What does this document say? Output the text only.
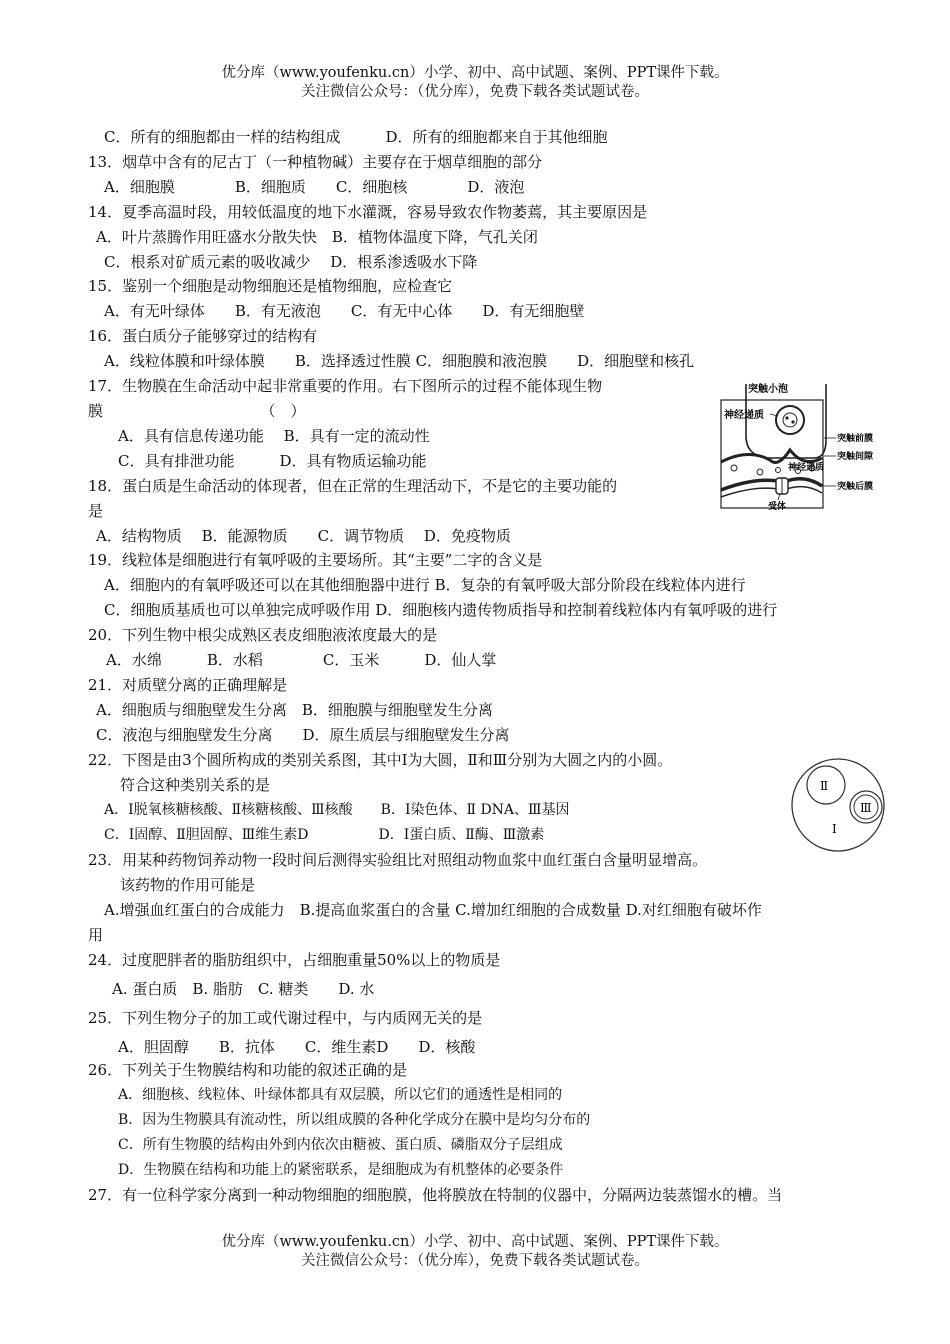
优分库（www.youfenku.cn）小学、初中、高中试题、案例、PPT课件下载。
关注微信公众号：（优分库），免费下载各类试题试卷。
C．所有的细胞都由一样的结构组成　　　D．所有的细胞都来自于其他细胞
13．烟草中含有的尼古丁（一种植物碱）主要存在于烟草细胞的部分
A．细胞膜　　　　B．细胞质　　C．细胞核　　　　D．液泡
14．夏季高温时段，用较低温度的地下水灌溉，容易导致农作物萎蔫，其主要原因是
A．叶片蒸腾作用旺盛水分散失快　B．植物体温度下降，气孔关闭
C．根系对矿质元素的吸收减少　 D．根系渗透吸水下降
15．鉴别一个细胞是动物细胞还是植物细胞，应检查它
A．有无叶绿体　　B．有无液泡　　C．有无中心体　　D．有无细胞壁
16．蛋白质分子能够穿过的结构有
A．线粒体膜和叶绿体膜　　B．选择透过性膜 C．细胞膜和液泡膜　　D．细胞壁和核孔
17．生物膜在生命活动中起非常重要的作用。右下图所示的过程不能体现生物
膜　　　　　　　　　　　（　）
A．具有信息传递功能　 B．具有一定的流动性
C．具有排泄功能　　　D．具有物质运输功能
18．蛋白质是生命活动的体现者，但在正常的生理活动下，不是它的主要功能的
是
A．结构物质　 B．能源物质　　C．调节物质　 D．免疫物质
19．线粒体是细胞进行有氧呼吸的主要场所。其“主要”二字的含义是
A．细胞内的有氧呼吸还可以在其他细胞器中进行 B．复杂的有氧呼吸大部分阶段在线粒体内进行
C．细胞质基质也可以单独完成呼吸作用 D．细胞核内遗传物质指导和控制着线粒体内有氧呼吸的进行
20．下列生物中根尖成熟区表皮细胞液浓度最大的是
A．水绵　　　B．水稻　　　　C．玉米　　　D．仙人掌
21．对质壁分离的正确理解是
A．细胞质与细胞壁发生分离　B．细胞膜与细胞壁发生分离
C．液泡与细胞壁发生分离　　D．原生质层与细胞壁发生分离
22．下图是由3个圆所构成的类别关系图，其中Ⅰ为大圆，Ⅱ和Ⅲ分别为大圆之内的小圆。
符合这种类别关系的是
A．Ⅰ脱氧核糖核酸、Ⅱ核糖核酸、Ⅲ核酸　　B．Ⅰ染色体、Ⅱ DNA、Ⅲ基因
C．Ⅰ固醇、Ⅱ胆固醇、Ⅲ维生素D　　　　　D．Ⅰ蛋白质、Ⅱ酶、Ⅲ激素
23．用某种药物饲养动物一段时间后测得实验组比对照组动物血浆中血红蛋白含量明显增高。
该药物的作用可能是
A.增强血红蛋白的合成能力　B.提高血浆蛋白的含量 C.增加红细胞的合成数量 D.对红细胞有破坏作
用
24．过度肥胖者的脂肪组织中，占细胞重量50%以上的物质是
A. 蛋白质　B. 脂肪　C. 糖类　　D. 水
25．下列生物分子的加工或代谢过程中，与内质网无关的是
A．胆固醇　　B．抗体　　C．维生素D　　D．核酸
26．下列关于生物膜结构和功能的叙述正确的是
A．细胞核、线粒体、叶绿体都具有双层膜，所以它们的通透性是相同的
B．因为生物膜具有流动性，所以组成膜的各种化学成分在膜中是均匀分布的
C．所有生物膜的结构由外到内依次由糖被、蛋白质、磷脂双分子层组成
D．生物膜在结构和功能上的紧密联系，是细胞成为有机整体的必要条件
27．有一位科学家分离到一种动物细胞的细胞膜，他将膜放在特制的仪器中，分隔两边装蒸馏水的槽。当
突触小泡
神经递质
突触前膜
突触间隙
神经递质
受体
突触后膜
Ⅱ
Ⅲ
Ⅰ
优分库（www.youfenku.cn）小学、初中、高中试题、案例、PPT课件下载。
关注微信公众号：（优分库），免费下载各类试题试卷。
